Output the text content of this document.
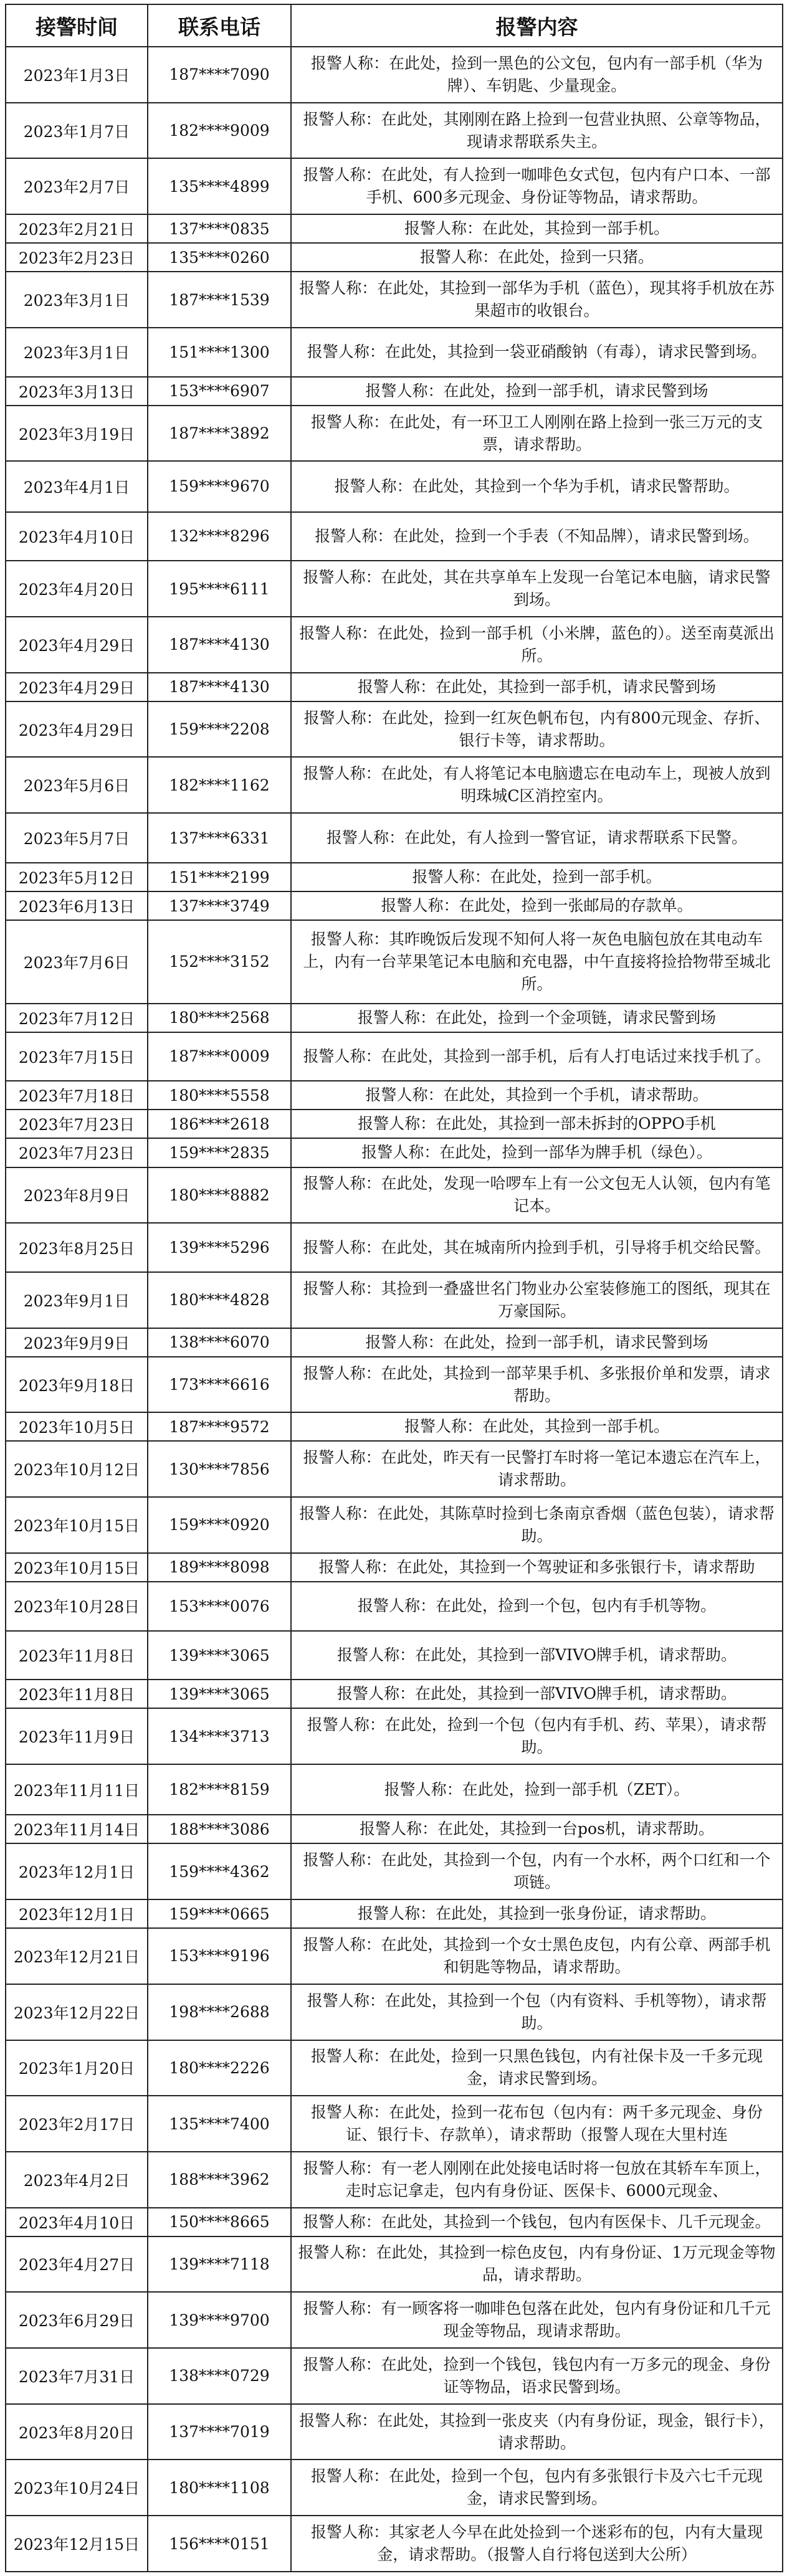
接警时间	联系电话	报警内容
2023年1月3日	187****7090	报警人称：在此处，捡到一黑色的公文包，包内有一部手机（华为牌）、车钥匙、少量现金。
2023年1月7日	182****9009	报警人称：在此处，其刚刚在路上捡到一包营业执照、公章等物品，现请求帮联系失主。
2023年2月7日	135****4899	报警人称：在此处，有人捡到一咖啡色女式包，包内有户口本、一部手机、600多元现金、身份证等物品，请求帮助。
2023年2月21日	137****0835	报警人称：在此处，其捡到一部手机。
2023年2月23日	135****0260	报警人称：在此处，捡到一只猪。
2023年3月1日	187****1539	报警人称：在此处，其捡到一部华为手机（蓝色），现其将手机放在苏果超市的收银台。
2023年3月1日	151****1300	报警人称：在此处，其捡到一袋亚硝酸钠（有毒），请求民警到场。
2023年3月13日	153****6907	报警人称：在此处，捡到一部手机，请求民警到场
2023年3月19日	187****3892	报警人称：在此处，有一环卫工人刚刚在路上捡到一张三万元的支票，请求帮助。
2023年4月1日	159****9670	报警人称：在此处，其捡到一个华为手机，请求民警帮助。
2023年4月10日	132****8296	报警人称：在此处，捡到一个手表（不知品牌），请求民警到场。
2023年4月20日	195****6111	报警人称：在此处，其在共享单车上发现一台笔记本电脑，请求民警到场。
2023年4月29日	187****4130	报警人称：在此处，捡到一部手机（小米牌，蓝色的）。送至南莫派出所。
2023年4月29日	187****4130	报警人称：在此处，其捡到一部手机，请求民警到场
2023年4月29日	159****2208	报警人称：在此处，捡到一红灰色帆布包，内有800元现金、存折、银行卡等，请求帮助。
2023年5月6日	182****1162	报警人称：在此处，有人将笔记本电脑遗忘在电动车上，现被人放到明珠城C区消控室内。
2023年5月7日	137****6331	报警人称：在此处，有人捡到一警官证，请求帮联系下民警。
2023年5月12日	151****2199	报警人称：在此处，捡到一部手机。
2023年6月13日	137****3749	报警人称：在此处，捡到一张邮局的存款单。
2023年7月6日	152****3152	报警人称：其昨晚饭后发现不知何人将一灰色电脑包放在其电动车上，内有一台苹果笔记本电脑和充电器，中午直接将捡拾物带至城北所。
2023年7月12日	180****2568	报警人称：在此处，捡到一个金项链，请求民警到场
2023年7月15日	187****0009	报警人称：在此处，其捡到一部手机，后有人打电话过来找手机了。
2023年7月18日	180****5558	报警人称：在此处，其捡到一个手机，请求帮助。
2023年7月23日	186****2618	报警人称：在此处，其捡到一部未拆封的OPPO手机
2023年7月23日	159****2835	报警人称：在此处，捡到一部华为牌手机（绿色）。
2023年8月9日	180****8882	报警人称：在此处，发现一哈啰车上有一公文包无人认领，包内有笔记本。
2023年8月25日	139****5296	报警人称：在此处，其在城南所内捡到手机，引导将手机交给民警。
2023年9月1日	180****4828	报警人称：其捡到一叠盛世名门物业办公室装修施工的图纸，现其在万豪国际。
2023年9月9日	138****6070	报警人称：在此处，捡到一部手机，请求民警到场
2023年9月18日	173****6616	报警人称：在此处，其捡到一部苹果手机、多张报价单和发票，请求帮助。
2023年10月5日	187****9572	报警人称：在此处，其捡到一部手机。
2023年10月12日	130****7856	报警人称：在此处，昨天有一民警打车时将一笔记本遗忘在汽车上，请求帮助。
2023年10月15日	159****0920	报警人称：在此处，其陈草时捡到七条南京香烟（蓝色包装），请求帮助。
2023年10月15日	189****8098	报警人称：在此处，其捡到一个驾驶证和多张银行卡，请求帮助
2023年10月28日	153****0076	报警人称：在此处，捡到一个包，包内有手机等物。
2023年11月8日	139****3065	报警人称：在此处，其捡到一部VIVO牌手机，请求帮助。
2023年11月8日	139****3065	报警人称：在此处，其捡到一部VIVO牌手机，请求帮助。
2023年11月9日	134****3713	报警人称：在此处，捡到一个包（包内有手机、药、苹果），请求帮助。
2023年11月11日	182****8159	报警人称：在此处，捡到一部手机（ZET）。
2023年11月14日	188****3086	报警人称：在此处，其捡到一台pos机，请求帮助。
2023年12月1日	159****4362	报警人称：在此处，其捡到一个包，内有一个水杯，两个口红和一个项链。
2023年12月1日	159****0665	报警人称：在此处，其捡到一张身份证，请求帮助。
2023年12月21日	153****9196	报警人称：在此处，其捡到一个女士黑色皮包，内有公章、两部手机和钥匙等物品，请求帮助。
2023年12月22日	198****2688	报警人称：在此处，其捡到一个包（内有资料、手机等物），请求帮助。
2023年1月20日	180****2226	报警人称：在此处，捡到一只黑色钱包，内有社保卡及一千多元现金，请求民警到场。
2023年2月17日	135****7400	报警人称：在此处，捡到一花布包（包内有：两千多元现金、身份证、银行卡、存款单），请求帮助（报警人现在大里村连
2023年4月2日	188****3962	报警人称：有一老人刚刚在此处接电话时将一包放在其轿车车顶上，走时忘记拿走，包内有身份证、医保卡、6000元现金、
2023年4月10日	150****8665	报警人称：在此处，其捡到一个钱包，包内有医保卡、几千元现金。
2023年4月27日	139****7118	报警人称：在此处，其捡到一棕色皮包，内有身份证、1万元现金等物品，请求帮助。
2023年6月29日	139****9700	报警人称：有一顾客将一咖啡色包落在此处，包内有身份证和几千元现金等物品，现请求帮助。
2023年7月31日	138****0729	报警人称：在此处，捡到一个钱包，钱包内有一万多元的现金、身份证等物品，语求民警到场。
2023年8月20日	137****7019	报警人称：在此处，其捡到一张皮夹（内有身份证，现金，银行卡），请求帮助。
2023年10月24日	180****1108	报警人称：在此处，捡到一个包，包内有多张银行卡及六七千元现金，请求民警到场。
2023年12月15日	156****0151	报警人称：其家老人今早在此处捡到一个迷彩布的包，内有大量现金，请求帮助。（报警人自行将包送到大公所）
